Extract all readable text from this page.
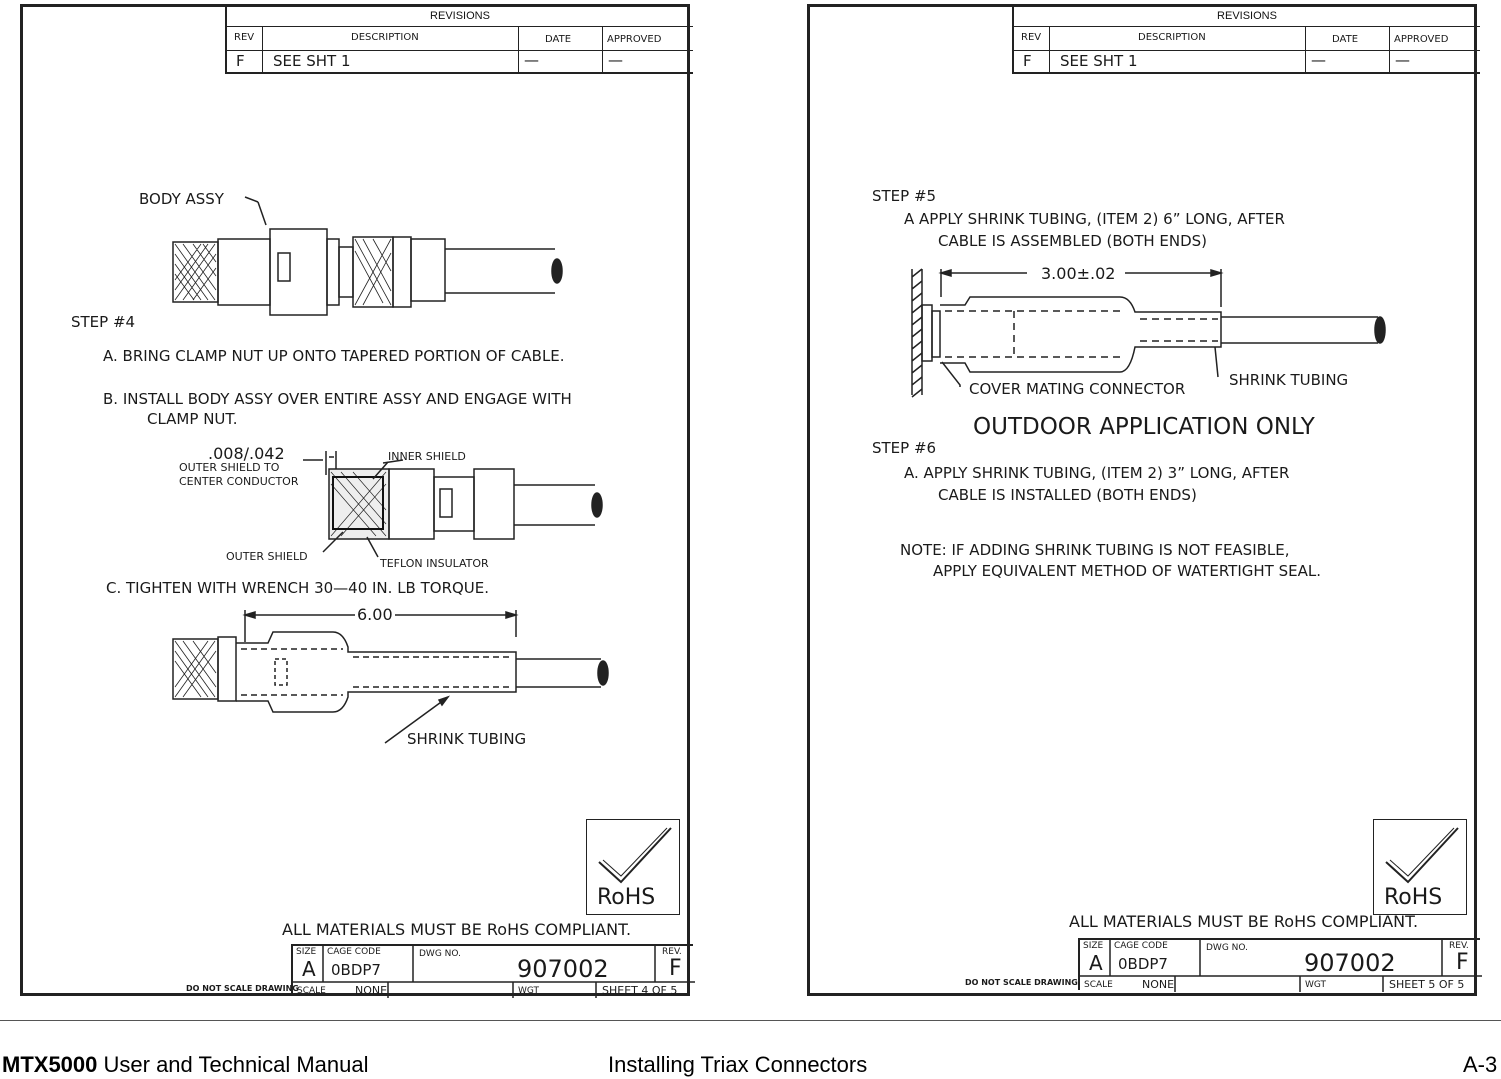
REVISIONS
REV	DESCRIPTION	DATE	APPROVED
F SEE SHT 1	—	—
BODY ASSY
STEP #4
A. BRING CLAMP NUT UP ONTO TAPERED PORTION OF CABLE.
B. INSTALL BODY ASSY OVER ENTIRE ASSY AND ENGAGE WITH
CLAMP NUT.
.008/.042
OUTER SHIELD TO
CENTER CONDUCTOR
INNER SHIELD
OUTER SHIELD
TEFLON INSULATOR
C. TIGHTEN WITH WRENCH 30—40 IN. LB TORQUE.
6.00
SHRINK TUBING
RoHS
ALL MATERIALS MUST BE RoHS COMPLIANT.
SIZE
A
CAGE CODE
0BDP7
DWG NO.
907002
REV.
F
SCALE	NONE	WGT	SHEET 4 OF 5
DO NOT SCALE DRAWING
REVISIONS
REV	DESCRIPTION	DATE	APPROVED
F SEE SHT 1	—	—
STEP #5
A APPLY SHRINK TUBING, (ITEM 2) 6” LONG, AFTER
CABLE IS ASSEMBLED (BOTH ENDS)
3.00±.02
COVER MATING CONNECTOR	SHRINK TUBING
OUTDOOR APPLICATION ONLY
STEP #6
A. APPLY SHRINK TUBING, (ITEM 2) 3” LONG, AFTER
CABLE IS INSTALLED (BOTH ENDS)
NOTE: IF ADDING SHRINK TUBING IS NOT FEASIBLE,
APPLY EQUIVALENT METHOD OF WATERTIGHT SEAL.
RoHS
ALL MATERIALS MUST BE RoHS COMPLIANT.
SIZE
A
CAGE CODE
0BDP7
DWG NO.
907002
REV.
F
SCALE	NONE	WGT	SHEET 5 OF 5
DO NOT SCALE DRAWING
MTX5000 User and Technical Manual	Installing Triax Connectors	A-3
